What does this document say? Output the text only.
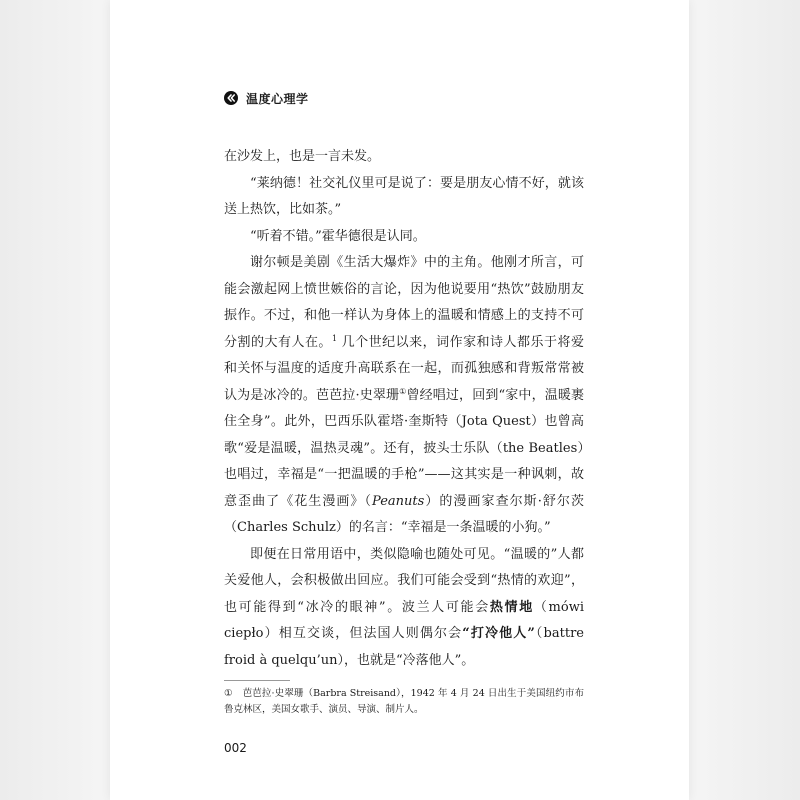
温度心理学

在沙发上，也是一言未发。

“莱纳德！社交礼仪里可是说了：要是朋友心情不好，就该送上热饮，比如茶。”

“听着不错。”霍华德很是认同。

谢尔顿是美剧《生活大爆炸》中的主角。他刚才所言，可能会激起网上愤世嫉俗的言论，因为他说要用“热饮”鼓励朋友振作。不过，和他一样认为身体上的温暖和情感上的支持不可分割的大有人在。$^1$ 几个世纪以来，词作家和诗人都乐于将爱和关怀与温度的适度升高联系在一起，而孤独感和背叛常常被认为是冰冷的。芭芭拉·史翠珊①曾经唱过，回到“家中，温暖裹住全身”。此外，巴西乐队霍塔·奎斯特（Jota Quest）也曾高歌“爱是温暖，温热灵魂”。还有，披头士乐队（the Beatles）也唱过，幸福是“一把温暖的手枪”——这其实是一种讽刺，故意歪曲了《花生漫画》（Peanuts）的漫画家查尔斯·舒尔茨（Charles Schulz）的名言：“幸福是一条温暖的小狗。”

即便在日常用语中，类似隐喻也随处可见。“温暖的”人都关爱他人，会积极做出回应。我们可能会受到“热情的欢迎”，也可能得到“冰冷的眼神”。波兰人可能会热情地（mówi ciepło）相互交谈，但法国人则偶尔会“打冷他人”（battre froid à quelqu’un），也就是“冷落他人”。

① 芭芭拉·史翠珊（Barbra Streisand），1942 年 4 月 24 日出生于美国纽约市布鲁克林区，美国女歌手、演员、导演、制片人。
002
